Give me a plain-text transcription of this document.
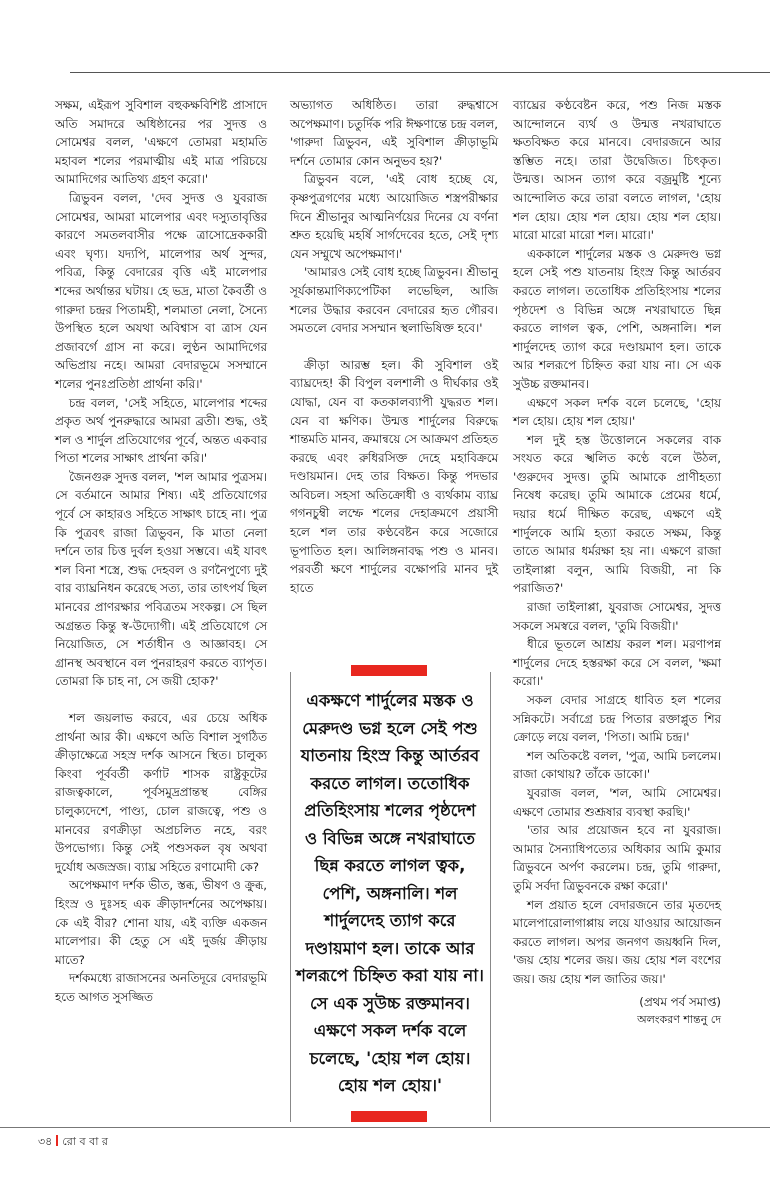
সক্ষম, এইরূপ সুবিশাল বহুকক্ষবিশিষ্ট প্রাসাদে অতি সমাদরে অধিষ্ঠানের পর সুদত্ত ও সোমেশ্বর বলল, 'এক্ষণে তোমরা মহামতি মহাবল শলের পরমাত্মীয় এই মাত্র পরিচয়ে আমাদিগের আতিথ্য গ্রহণ করো।'

ত্রিভুবন বলল, 'দেব সুদত্ত ও যুবরাজ সোমেশ্বর, আমরা মালেপার এবং দস্যুতাবৃত্তির কারণে সমতলবাসীর পক্ষে ত্রাসোদ্রেককারী এবং ঘৃণ্য। যদ্যপি, মালেপার অর্থ সুন্দর, পবিত্র, কিন্তু বেদারের বৃত্তি এই মালেপার শব্দের অর্থান্তর ঘটায়। হে ভদ্র, মাতা কৈবর্তী ও গারুদা চন্দ্রর পিতামহী, শলমাতা নেলা, সৈন্যে উপস্থিত হলে অযথা অবিশ্বাস বা ত্রাস যেন প্রজাবর্গে গ্রাস না করে। লুণ্ঠন আমাদিগের অভিপ্রায় নহে। আমরা বেদারভূমে সসম্মানে শলের পুনঃপ্রতিষ্ঠা প্রার্থনা করি।'

চন্দ্র বলল, 'সেই সহিতে, মালেপার শব্দের প্রকৃত অর্থ পুনরুদ্ধারে আমরা ব্রতী। শুদ্ধ, ওই শল ও শার্দুল প্রতিযোগের পূর্বে, অন্তত একবার পিতা শলের সাক্ষাৎ প্রার্থনা করি।'

জৈনগুরু সুদত্ত বলল, 'শল আমার পুত্রসম। সে বর্তমানে আমার শিষ্য। এই প্রতিযোগের পূর্বে সে কাহারও সহিতে সাক্ষাৎ চাহে না। পুত্র কি পুত্রবৎ রাজা ত্রিভুবন, কি মাতা নেলা দর্শনে তার চিত্ত দুর্বল হওয়া সম্ভবে। এই যাবৎ শল বিনা শস্ত্রে, শুদ্ধ দেহবল ও রণনৈপুণ্যে দুই বার ব্যাঘ্রনিধন করেছে সত্য, তার তাৎপর্য ছিল মানবের প্রাণরক্ষার পবিত্রতম সংকল্প। সে ছিল অগ্রন্তত কিন্তু স্ব-উদ্যোগী। এই প্রতিযোগে সে নিয়োজিত, সে শর্তাধীন ও আজ্ঞাবহ। সে গ্রানস্থ অবস্থানে বল পুনরাহরণ করতে ব্যাপৃত। তোমরা কি চাহ না, সে জয়ী হোক?'

শল জয়লাভ করবে, এর চেয়ে অধিক প্রার্থনা আর কী। এক্ষণে অতি বিশাল সুগঠিত ক্রীড়াক্ষেত্রে সহস্র দর্শক আসনে স্থিত। চালুক্য কিংবা পূর্ববর্তী কর্ণাট শাসক রাষ্ট্রকূটের রাজত্বকালে, পূর্বসমুদ্রপ্রান্তস্থ বেঙ্গির চালুক্যদেশে, পাণ্ড্য, চোল রাজত্বে, পশু ও মানবের রণক্রীড়া অপ্রচলিত নহে, বরং উপভোগ্য। কিন্তু সেই পশুসকল বৃষ অথবা দুর্যোধ অজস্রজ। ব্যাঘ্র সহিতে রণামোদী কে?

অপেক্ষমাণ দর্শক ভীত, স্তব্ধ, ভীষণ ও ক্রুব্ধ, হিংস্র ও দুঃসহ এক ক্রীড়াদর্শনের অপেক্ষায়। কে এই বীর? শোনা যায়, এই ব্যক্তি একজন মালেপার। কী হেতু সে এই দুর্জয় ক্রীড়ায় মাতে?

দর্শকমধ্যে রাজাসনের অনতিদূরে বেদারভূমি হতে আগত সুসজ্জিত

অভ্যাগত অধিষ্ঠিত। তারা রুদ্ধশ্বাসে অপেক্ষমাণ। চতুর্দিক পরি ঈক্ষণান্তে চন্দ্র বলল, 'গারুদা ত্রিভুবন, এই সুবিশাল ক্রীড়াভূমি দর্শনে তোমার কোন অনুভব হয়?'

ত্রিভুবন বলে, 'এই বোধ হচ্ছে যে, কৃষ্ণপুত্রগণের মধ্যে আয়োজিত শস্ত্রপরীক্ষার দিনে শ্রীভানুর আত্মনির্ণয়ের দিনের যে বর্ণনা শ্রুত হয়েছি মহর্ষি সার্গদেবের হতে, সেই দৃশ্য যেন সম্মুখে অপেক্ষমাণ।'

'আমারও সেই বোধ হচ্ছে ত্রিভুবন। শ্রীভানু সূর্যকান্তমাণিক্যপেটিকা লভেছিল, আজি শলের উদ্ধার করবেন বেদারের হৃত গৌরব। সমতলে বেদার সসম্মান স্থলাভিষিক্ত হবে।'

ক্রীড়া আরম্ভ হল। কী সুবিশাল ওই ব্যাঘ্রদেহ! কী বিপুল বলশালী ও দীর্ঘকার ওই যোদ্ধা, যেন বা কতকালব্যাপী যুদ্ধরত শল। যেন বা ক্ষণিক। উন্মত্ত শার্দুলের বিরুদ্ধে শান্তমতি মানব, ক্রমান্বয়ে সে আক্রমণ প্রতিহত করছে এবং রুধিরসিক্ত দেহে মহাবিক্রমে দণ্ডায়মান। দেহ তার বিক্ষত। কিন্তু পদভার অবিচল। সহসা অতিক্রোধী ও ব্যর্থকাম ব্যাঘ্র গগনচুম্বী লম্ফে শলের দেহাক্রমণে প্রয়াসী হলে শল তার কণ্ঠবেষ্টন করে সজোরে ভূপাতিত হল। আলিঙ্গনাবদ্ধ পশু ও মানব। পরবর্তী ক্ষণে শার্দুলের বক্ষোপরি মানব দুই হাতে

একক্ষণে শার্দুলের মস্তক ও মেরুদণ্ড ভগ্ন হলে সেই পশু যাতনায় হিংস্র কিন্তু আর্তরব করতে লাগল। ততোধিক প্রতিহিংসায় শলের পৃষ্ঠদেশ ও বিভিন্ন অঙ্গে নখরাঘাতে ছিন্ন করতে লাগল ত্বক, পেশি, অঙ্গনালি। শল শার্দুলদেহ ত্যাগ করে দণ্ডায়মাণ হল। তাকে আর শলরূপে চিহ্নিত করা যায় না। সে এক সুউচ্চ রক্তমানব। এক্ষণে সকল দর্শক বলে চলেছে, 'হোয় শল হোয়। হোয় শল হোয়।'

ব্যাঘ্রের কণ্ঠবেষ্টন করে, পশু নিজ মস্তক আন্দোলনে ব্যর্থ ও উন্মত্ত নখরাঘাতে ক্ষতবিক্ষত করে মানবে। বেদারজনে আর স্তম্ভিত নহে। তারা উদ্বেজিত। চিৎকৃত। উন্মত্ত। আসন ত্যাগ করে বজ্রমুষ্টি শূন্যে আন্দোলিত করে তারা বলতে লাগল, 'হোয় শল হোয়। হোয় শল হোয়। হোয় শল হোয়। মারো মারো মারো শল। মারো।'

এককালে শার্দুলের মস্তক ও মেরুদণ্ড ভগ্ন হলে সেই পশু যাতনায় হিংস্র কিন্তু আর্তরব করতে লাগল। ততোধিক প্রতিহিংসায় শলের পৃষ্ঠদেশ ও বিভিন্ন অঙ্গে নখরাঘাতে ছিন্ন করতে লাগল ত্বক, পেশি, অঙ্গনালি। শল শার্দুলদেহ ত্যাগ করে দণ্ডায়মাণ হল। তাকে আর শলরূপে চিহ্নিত করা যায় না। সে এক সুউচ্চ রক্তমানব।

এক্ষণে সকল দর্শক বলে চলেছে, 'হোয় শল হোয়। হোয় শল হোয়।'

শল দুই হস্ত উত্তোলনে সকলের বাক সংযত করে স্খলিত কণ্ঠে বলে উঠল, 'গুরুদেব সুদত্ত। তুমি আমাকে প্রাণীহত্যা নিষেধ করেছ। তুমি আমাকে প্রেমের ধর্মে, দয়ার ধর্মে দীক্ষিত করেছ, এক্ষণে এই শার্দুলকে আমি হত্যা করতে সক্ষম, কিন্তু তাতে আমার ধর্মরক্ষা হয় না। এক্ষণে রাজা তাইলাপ্পা বলুন, আমি বিজয়ী, না কি পরাজিত?'

রাজা তাইলাপ্পা, যুবরাজ সোমেশ্বর, সুদত্ত সকলে সমস্বরে বলল, 'তুমি বিজয়ী।'

ধীরে ভূতলে আশ্রয় করল শল। মরণাপন্ন শার্দুলের দেহে হস্তরক্ষা করে সে বলল, 'ক্ষমা করো।'

সকল বেদার সাগ্রহে ধাবিত হল শলের সন্নিকটে। সর্বাগ্রে চন্দ্র পিতার রক্তাপ্লুত শির ক্রোড়ে লয়ে বলল, 'পিতা। আমি চন্দ্র।'

শল অতিকষ্টে বলল, 'পুত্র, আমি চললেম। রাজা কোথায়? তাঁকে ডাকো।'

যুবরাজ বলল, 'শল, আমি সোমেশ্বর। এক্ষণে তোমার শুশ্রূষার ব্যবস্থা করছি।'

'তার আর প্রয়োজন হবে না যুবরাজ। আমার সৈন্যাধিপত্যের অধিকার আমি কুমার ত্রিভুবনে অর্পণ করলেম। চন্দ্র, তুমি গারুদা, তুমি সর্বদা ত্রিভুবনকে রক্ষা করো।'

শল প্রয়াত হলে বেদারজনে তার মৃতদেহ মালেপারোলাগাপ্পায় লয়ে যাওয়ার আয়োজন করতে লাগল। অপর জনগণ জয়ধ্বনি দিল, 'জয় হোয় শলের জয়। জয় হোয় শল বংশের জয়। জয় হোয় শল জাতির জয়।'

(প্রথম পর্ব সমাপ্ত)

অলংকরণ শান্তনু দে

৩৪ রো ব বা র
